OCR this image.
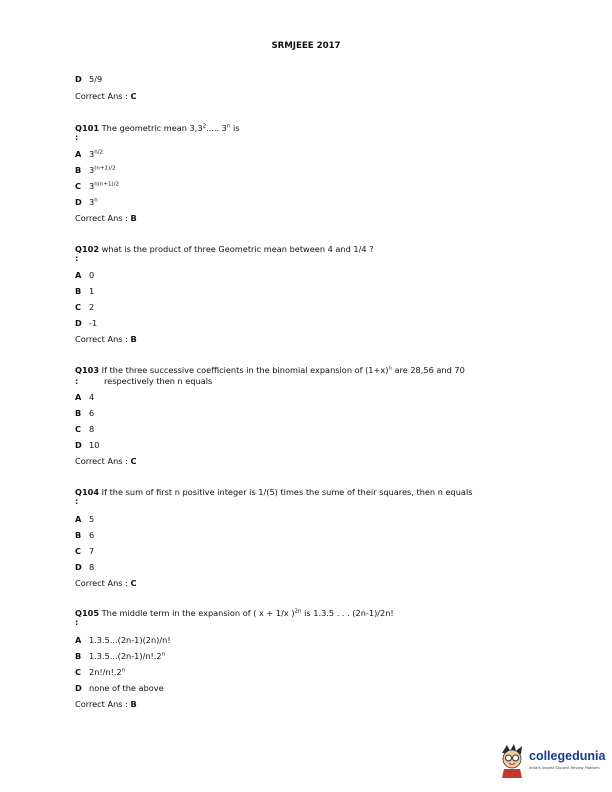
SRMJEEE 2017
D 5/9
Correct Ans : C
Q101 The geometric mean $3,3^2$..... 3$^n$ is
:
A $3^{n/2}$
B $3^{(n+1)/2}$
C $3^{n(n+1)/2}$
D 3$^n$
Correct Ans : B
Q102 what is the product of three Geometric mean between 4 and 1/4 ?
:
A 0
B 1
C 2
D -1
Correct Ans : B
Q103 If the three successive coefficients in the binomial expansion of $(1+x)^n$ are 28,56 and 70
:	respectively then n equals
A 4
B 6
C 8
D 10
Correct Ans : C
Q104 If the sum of first n positive integer is 1/(5) times the sume of their squares, then n equals
:
A 5
B 6
C 7
D 8
Correct Ans : C
Q105 The middle term in the expansion of ( x + 1/x )$^{2n}$ is 1.3.5 . . . (2n-1)/2n!
:
A 1.3.5...(2n-1)(2n)/n!
B 1.3.5...(2n-1)/n!.2$^n$
C 2n!/n!.2$^n$
D none of the above
Correct Ans : B
collegedunia
India's largest Student Review Platform
